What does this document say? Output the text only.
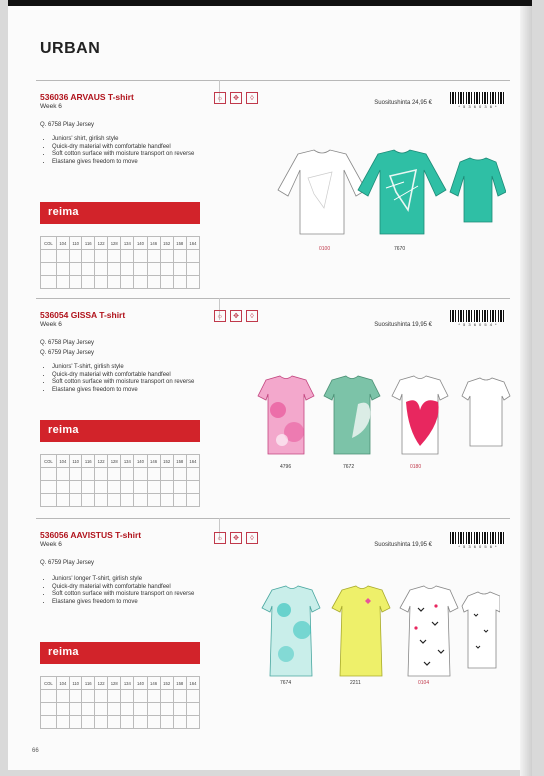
URBAN
536036 ARVAUS T-shirt
Week 6
Q. 6758 Play Jersey
• Juniors' shirt, girlish style
• Quick-dry material with comfortable handfeel
• Soft cotton surface with moisture transport on reverse
• Elastane gives freedom to move
reima
COL	104	110	116	122	128	134	140	146	152	158	164

☼	✥	◊
Suositushinta 24,95 €
* 5 3 6 0 3 6 *
0100	7670
536054 GISSA T-shirt
Week 6
Q. 6758 Play Jersey
Q. 6759 Play Jersey
• Juniors' T-shirt, girlish style
• Quick-dry material with comfortable handfeel
• Soft cotton surface with moisture transport on reverse
• Elastane gives freedom to move
reima
COL	104	110	116	122	128	134	140	146	152	158	164

☼	✥	◊
Suositushinta 19,95 €	* 5 3 6 0 5 4 *
4796	7672	0180
536056 AAVISTUS T-shirt
Week 6
Q. 6759 Play Jersey
• Juniors' longer T-shirt, girlish style
• Quick-dry material with comfortable handfeel
• Soft cotton surface with moisture transport on reverse
• Elastane gives freedom to move
reima
COL	104	110	116	122	128	134	140	146	152	158	164

☼	✥	◊
Suositushinta 19,95 €	* 5 3 6 0 5 6 *
7674	2211	0104
66
